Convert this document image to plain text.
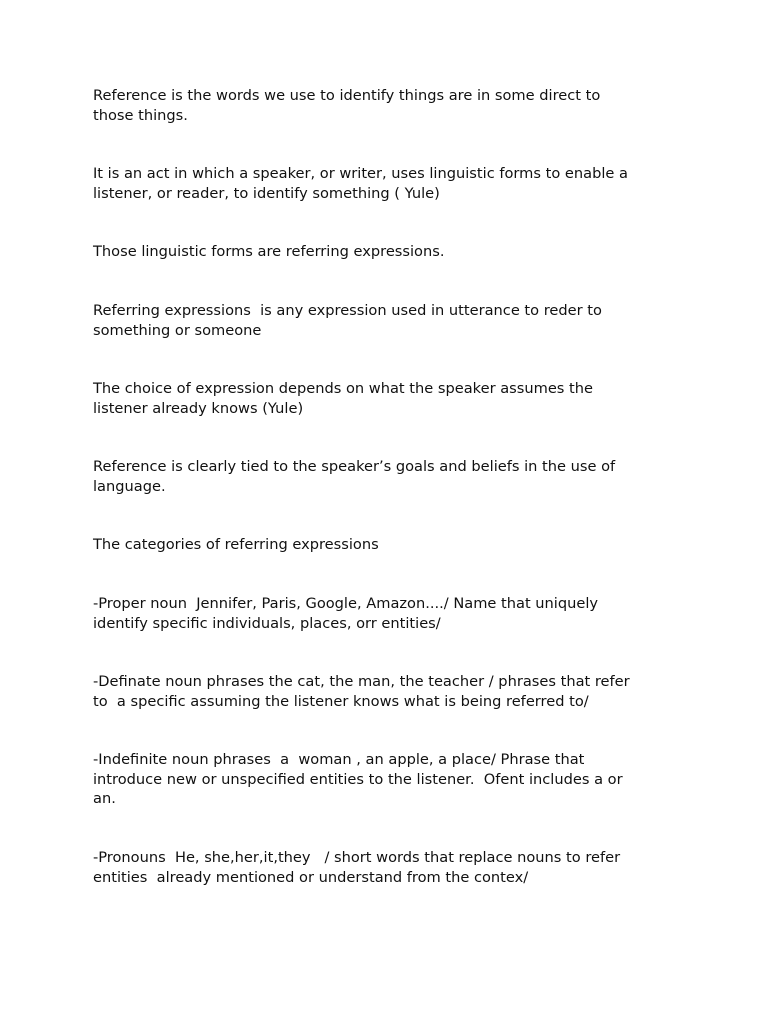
Reference is the words we use to identify things are in some direct to
those things.

It is an act in which a speaker, or writer, uses linguistic forms to enable a
listener, or reader, to identify something ( Yule)

Those linguistic forms are referring expressions.

Referring expressions  is any expression used in utterance to reder to
something or someone

The choice of expression depends on what the speaker assumes the
listener already knows (Yule)

Reference is clearly tied to the speaker’s goals and beliefs in the use of
language.

The categories of referring expressions

-Proper noun  Jennifer, Paris, Google, Amazon..../ Name that uniquely
identify specific individuals, places, orr entities/

-Definate noun phrases the cat, the man, the teacher / phrases that refer
to  a specific assuming the listener knows what is being referred to/

-Indefinite noun phrases  a  woman , an apple, a place/ Phrase that
introduce new or unspecified entities to the listener.  Ofent includes a or
an.

-Pronouns  He, she,her,it,they   / short words that replace nouns to refer
entities  already mentioned or understand from the contex/
